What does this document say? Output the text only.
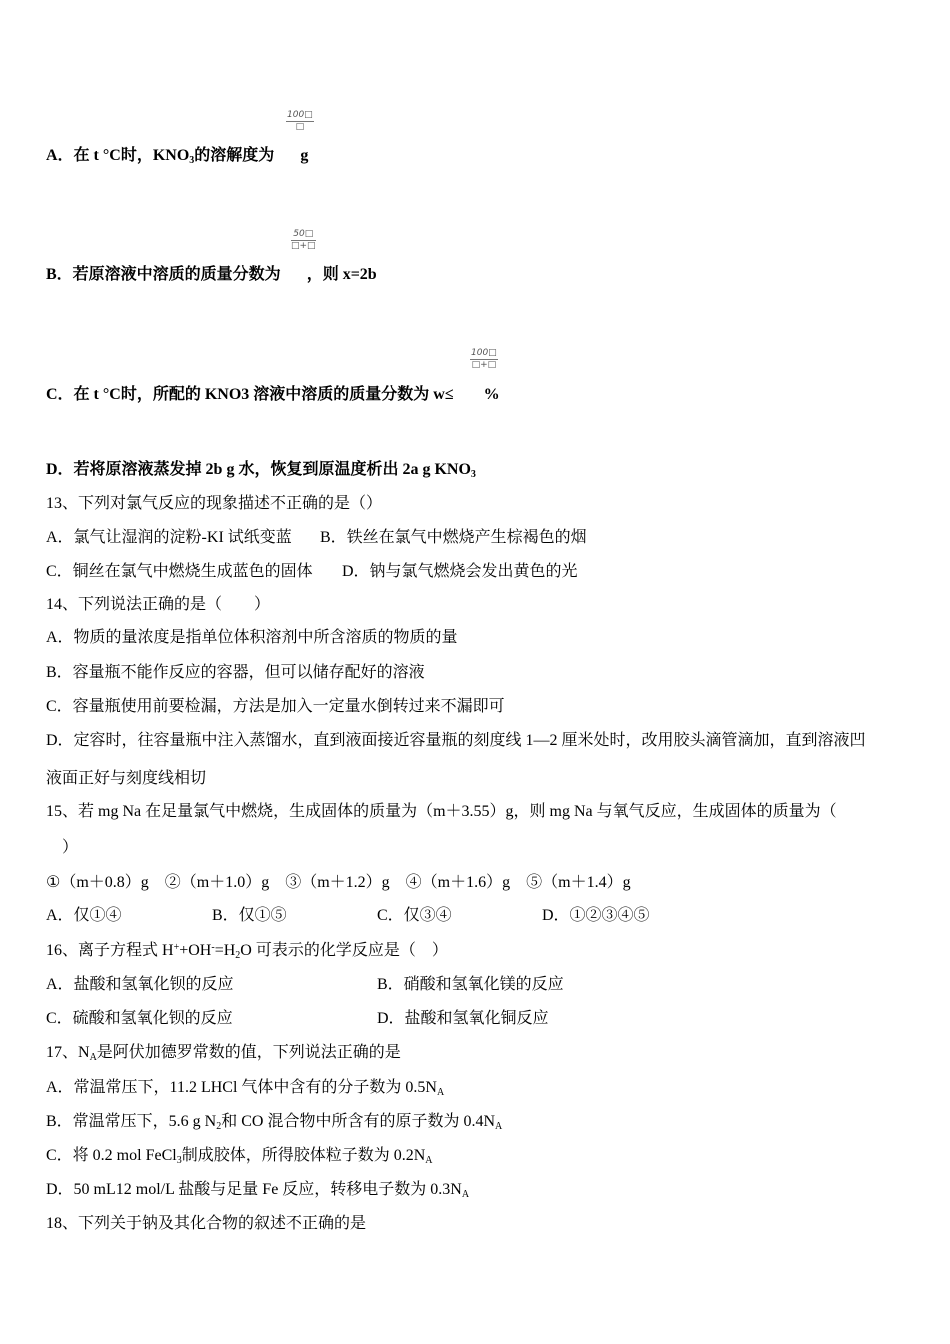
100□
□
A．在 t °C时，$KNO_3$的溶解度为 g
50□
□+□
B．若原溶液中溶质的质量分数为 ，则 x=2b
100□
□+□
C．在 t °C时，所配的 KNO3 溶液中溶质的质量分数为 w≤ %
D．若将原溶液蒸发掉 2b g 水，恢复到原温度析出 2a g $KNO_3$
13、下列对氯气反应的现象描述不正确的是（）
A．氯气让湿润的淀粉-KI 试纸变蓝 B．铁丝在氯气中燃烧产生棕褐色的烟
C．铜丝在氯气中燃烧生成蓝色的固体 D．钠与氯气燃烧会发出黄色的光
14、下列说法正确的是（　　）
A．物质的量浓度是指单位体积溶剂中所含溶质的物质的量
B．容量瓶不能作反应的容器，但可以储存配好的溶液
C．容量瓶使用前要检漏，方法是加入一定量水倒转过来不漏即可
D．定容时，往容量瓶中注入蒸馏水，直到液面接近容量瓶的刻度线 1—2 厘米处时，改用胶头滴管滴加，直到溶液凹
液面正好与刻度线相切
15、若 mg Na 在足量氯气中燃烧，生成固体的质量为（m＋3.55）g，则 mg Na 与氧气反应，生成固体的质量为（
）
①（m＋0.8）g　②（m＋1.0）g　③（m＋1.2）g　④（m＋1.6）g　⑤（m＋1.4）g
A．仅①④	B．仅①⑤	C．仅③④	D．①②③④⑤
16、离子方程式 $H^++OH^-=H_2O$ 可表示的化学反应是（　）
A．盐酸和氢氧化钡的反应	B．硝酸和氢氧化镁的反应
C．硫酸和氢氧化钡的反应	D．盐酸和氢氧化铜反应
17、$N_A$是阿伏加德罗常数的值，下列说法正确的是
A．常温常压下，11.2 LHCl 气体中含有的分子数为 $0.5N_A$
B．常温常压下，5.6 g $N_2$和 CO 混合物中所含有的原子数为 $0.4N_A$
C．将 0.2 mol FeCl$_3$制成胶体，所得胶体粒子数为 $0.2N_A$
D．50 mL12 mol/L 盐酸与足量 Fe 反应，转移电子数为 $0.3N_A$
18、下列关于钠及其化合物的叙述不正确的是
